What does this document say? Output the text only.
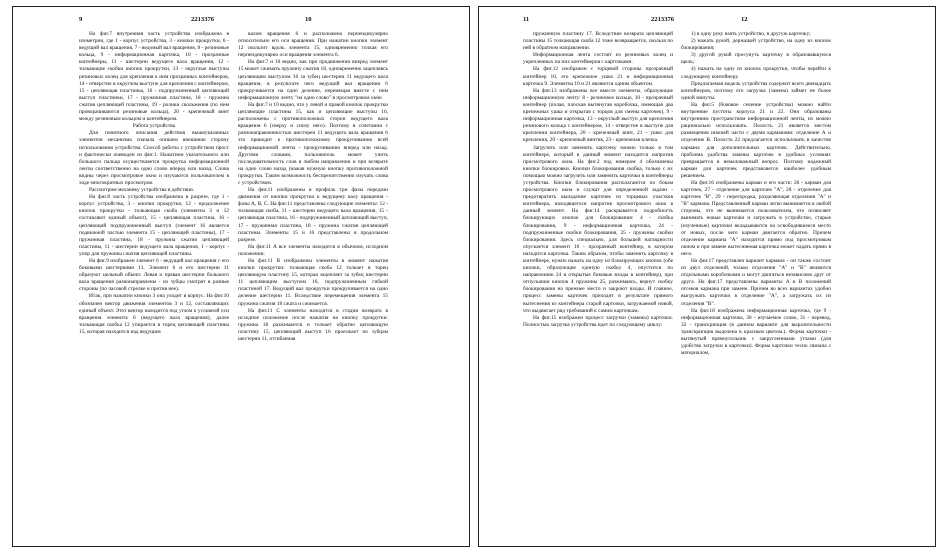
9	2213376	10

На фиг.7 внутренняя часть устройства изображена в изометрии, где 1 - корпус устройства, 3 - кнопки прокрутки, 6 - ведущий вал вращения, 7 - ведомый вал вращения, 8 - резиновые кольца, 9 - информационная карточка, 10 - прозрачные контейнеры, 11 - шестерни ведущего вала вращения, 12 - толкающие скобки кнопок прокрутки, 13 - округлые выступы резиновых колец для крепления к ним прозрачных контейнеров, 14 - отверстие в округлом выступе для крепления с контейнером, 15 - цепляющая пластинка, 16 - подпружиненный цепляющий выступ пластинки, 17 - пружинная пластина, 18 - пружина сжатия цепляющей пластины, 19 - ролики скольжения (по ним проворачиваются резиновые кольца), 20 - крепежный винт между резиновым кольцом и контейнером.

Работа устройства

Для понятного описания действия вышеуказанных элементов механизма сначала опишем внешнюю сторону использования устройства. Способ работы с устройством прост и фактически очевиден из фиг.1. Нажатием указательного или большого пальца осуществляется прокрутка информационной ленты соответственно на одно слово вперед или назад. Слова видны через просмотровое окно и изучаются пользователем в ходе многократных просмотров.

Рассмотрим механику устройства в действии.

На фиг.8 часть устройства изображена в разрезе, где 1 - корпус устройства, 3 - кнопки прокрутки, 12 - продолжение кнопок прокрутки - толкающая скоба (элементы 3 и 12 составляют единый объект), 15 - цепляющая пластина, 16 - цепляющий подпружиненный выступ (элемент 16 является подвижной частью элемента 15 - цепляющей пластины), 17 - пружинная пластина, 18 - пружина сжатия цепляющей пластины, 11 - шестерни ведущего вала вращения, 1 - корпус - упор для пружины сжатия цепляющей пластины.

На фиг.9 изображен элемент 6 - ведущий вал вращения с его боковыми шестернями 11. Элемент 6 и его шестерни 11 образуют цельный объект. Левая и правая шестерни большого вала вращения разнонаправлены - их зубцы смотрят в разные стороны (по часовой стрелке и против нее).

Итак, при нажатии кнопки 3 она уходит в корпус. На фиг.10 обозначен вектор движения элементов 3 и 12, составляющих единый объект. Этот вектор находится под углом к условной оси вращения элемента 6 (ведущего вала вращения), далее толкающая скобка 12 упирается в торец цепляющей пластины 15, которая находится над ведущим

валом вращения 6 и расположена перпендикулярно относительно его оси вращения. При нажатии кнопки элемент 12 скользит вдоль элемента 15, одновременно толкая его перпендикулярно оси вращения элемента 6.

На фиг.7 и 10 видно, как при продвижении вперед элемент 15 может сжимать пружину сжатия 18, одновременно зацепляясь цепляющим выступом 16 за зубец шестерни 11 ведущего вала вращения, в результате чего ведущий вал вращения 6 прокручивается на одно деление, перемещая вместе с ним информационную ленту "на одно слово" в просмотровом окне.

На фиг.7 и 10 видно, что у левой и правой кнопок прокрутки цепляющие пластины 15, как и цепляющие выступы 16, расположены с противоположных сторон ведущего вала вращения 6 (сверху и снизу него). Поэтому в сочетании с разнонаправленностью шестерен 11 ведущего вала вращения 6 это приводит к противоположному прокручиванию всей информационной ленты - прокручиванию вперед или назад. Другими словами, пользователь может учить последовательность слов в любом направлении и при возврате на одно слово назад (нажав нужную кнопку противоположной прокрутки. Таким возможность беспрепятственно изучать слова с устройством.

На фиг.11 изображены в профиль три фазы передачи движения от кнопки прокрутки к ведущему валу вращения - фазы A, B, C. На фиг.11 представлены следующие элементы: 12 - толкающая скоба, 11 - шестерни ведущего вала вращения, 15 - цепляющая пластина, 16 - подпружиненный цепляющий выступ, 17 - пружинная пластина, 18 - пружина сжатия цепляющей пластины. Элементы 15 и 16 представлены в продольном разрезе.

На фиг.11 A все элементы находятся в обычном, исходном положении.

На фиг.11 B изображены элементы в момент нажатия кнопки прокрутки: толкающая скоба 12 толкает в торец цепляющую пластину 15, которая зацепляет за зубец шестерни 11 цепляющим выступом 16, подпружиненным гибкой пластиной 17. Ведущий вал прокрутки прокручивается на одно деление шестерни 11. Вследствие перемещения элемента 15 пружина сжатия 18 сжата и сжимается.

На фиг.11 C элементы находятся в стадии возврата в исходное положение после нажатия на кнопку прокрутки: пружина 18 разжимается и толкает обратно цепляющую пластину 15, цепляющий выступ 16 проезжает по зубцам шестерни 11, отгибаемая

11	2213376	12

пружинную пластину 17. Вследствие возврата цепляющей пластины 15 толкающая скоба 12 тоже возвращается, скользя по ней в обратном направлении.

Информационная лента состоит из резиновых колец и укрепленных на них контейнеров с карточками.

На фиг.12 изображен с торцевой стороны прозрачный контейнер 10, его крепежное ушко 21 и информационная карточка 9. Элементы 10 и 21 являются одним объектом.

На фиг.13 изображены все вместе элементы, образующие информационную ленту: 8 - резиновое кольцо, 10 - прозрачный контейнер (полая, плоская вытянутая коробочка, имеющая два крепежных ушка и открытая с торцов для смены карточек), 9 - информационная карточка, 13 - округлый выступ для крепления резинового кольца с контейнером, 14 - отверстие в выступе для крепления контейнера, 20 - крепежный винт, 21 - ушко для крепления, 20 - крепежный винтик, 23 - крепежная клепка.

Загрузить или заменить карточку можно только в том контейнере, который в данный момент находится напротив просмотрового окна. На фиг.2 под номером 4 обозначены кнопки блокировки. Кнопки блокирования скобка, только с их помощью можно загрузить или заменить карточки в контейнеры устройства. Кнопки блокирования располагаются по бокам просмотрового окна и служат для определенной задачи - предотвратить выпадение карточек из торцевых участков контейнера, находящегося напротив просмотрового окна в данный момент. На фиг.14 раскрывается подробность блокирующих кнопок для блокирования: 4 - скобка блокирования, 9 - информационная карточка, 24 - подпружиненные скобки блокирования, 25 - пружины скобки блокирования. Здесь специально, для большей наглядности опускается элемент 10 - прозрачный контейнер, в котором находится карточка. Таким образом, чтобы заменить карточку в контейнере, нужно нажать на одну из блокирующих кнопок (обе кнопки, образующие единую скобку 4, опустится по направлению 24 в открытые боковые входы в контейнер), при отпускании кнопок 4 пружины 25, разжимаясь, вернут скобку блокирования на прежнее место и закроют входы. И главное, процесс замены карточек приходит в результате прямого вытеснения из контейнера старой карточки, загружаемой новой, что выдвигает ряд требований к самим карточкам.

На фиг.15 изображен процесс загрузки (замены) карточки. Полностью загрузка устройства идет по следующему циклу:

1) в одну руку взять устройство, в другую карточку;

2) нажать рукой, держащей устройство, на одну из кнопок блокирования;

3) другой рукой просунуть карточку в образовавшуюся щель;

4) нажать на одну из кнопок прокрутки, чтобы перейти к следующему контейнеру.

Предлагаемая модель устройства содержит всего двенадцать контейнеров, поэтому его загрузка (замена) займет не более одной минуты.

На фиг.5 (боковое сечение устройства) можно найти внутренние пустоты корпуса 21 и 22. Они образованы внутренним пространством информационной ленты, их можно рационально использовать. Полость 21 является местом размещения нижней части с двумя карманами: отделение А и отделение В. Полость 22 предлагается использовать в качестве кармана для дополнительных карточек. Действительно, проблема удобства замены карточек в удобных условиях превращается в немаловажный вопрос. Поэтому надежный карман для карточек представляется наиболее удобным решением.

На фиг.16 изображены карман и его части: 26 - карман для карточек, 27 - отделение для карточек "A", 28 - отделение для карточек "B", 29 - перегородка, разделяющая отделения "A" и "B" кармана. Представленный карман легко вынимается в любой стороны, что не вынимается пользователем, что позволяет вынимать новые карточки и загружать в устройство, старые (изученные) карточки вкладываются на освободившееся место от новых, после чего карман двигается обратно. Причем отделение кармана "A" находится прямо под просмотровым окном и при замене вытесняемая карточка может падать прямо в него.

На фиг.17 представлен вариант кармана - он также состоит из двух отделений, только отделения "A" и "B" являются отдельными коробочками и могут двигаться независимо друг от друга. На фиг.17 представлены варианты A и B положений отсеков кармана при замене. Причем во всех вариантах удобно выгружать карточки в отделение "A", а загружать их из отделения "B".

На фиг.18 изображена информационная карточка, где 9 - информационная карточка, 30 - изучаемое слово, 31 - перевод, 32 - транскрипция (в данном варианте для выразительности транскрипция выделена в красным цветом.). Форма карточки - вытянутый прямоугольник с закругленными углами (для удобства загрузки в карточки). Форма карточки тесно связана с материалом,
